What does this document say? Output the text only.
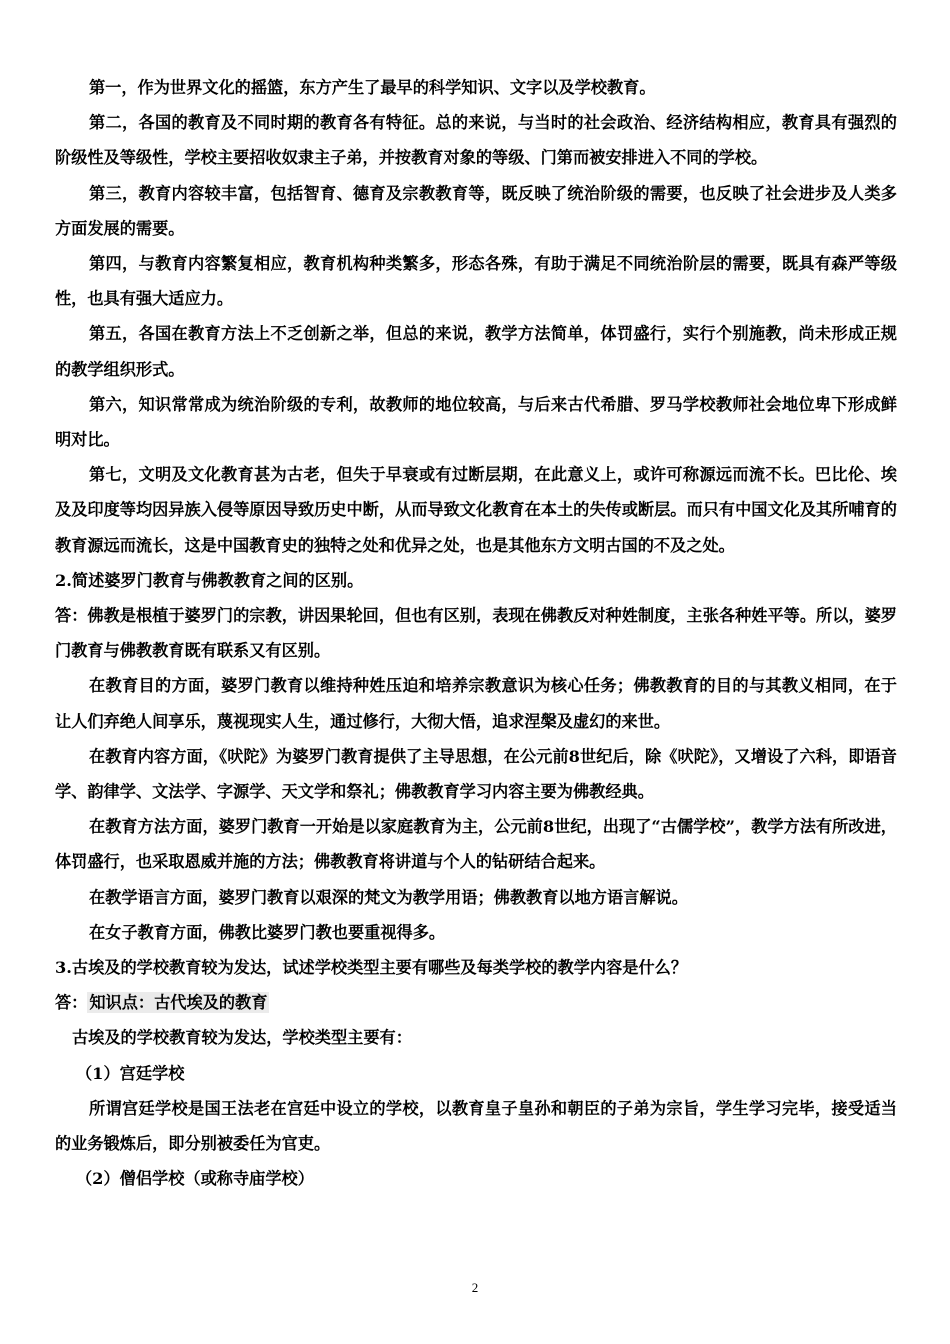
第一，作为世界文化的摇篮，东方产生了最早的科学知识、文字以及学校教育。

第二，各国的教育及不同时期的教育各有特征。总的来说，与当时的社会政治、经济结构相应，教育具有强烈的阶级性及等级性，学校主要招收奴隶主子弟，并按教育对象的等级、门第而被安排进入不同的学校。

第三，教育内容较丰富，包括智育、德育及宗教教育等，既反映了统治阶级的需要，也反映了社会进步及人类多方面发展的需要。

第四，与教育内容繁复相应，教育机构种类繁多，形态各殊，有助于满足不同统治阶层的需要，既具有森严等级性，也具有强大适应力。

第五，各国在教育方法上不乏创新之举，但总的来说，教学方法简单，体罚盛行，实行个别施教，尚未形成正规的教学组织形式。

第六，知识常常成为统治阶级的专利，故教师的地位较高，与后来古代希腊、罗马学校教师社会地位卑下形成鲜明对比。

第七，文明及文化教育甚为古老，但失于早衰或有过断层期，在此意义上，或许可称源远而流不长。巴比伦、埃及及印度等均因异族入侵等原因导致历史中断，从而导致文化教育在本土的失传或断层。而只有中国文化及其所哺育的教育源远而流长，这是中国教育史的独特之处和优异之处，也是其他东方文明古国的不及之处。

2.简述婆罗门教育与佛教教育之间的区别。

答：佛教是根植于婆罗门的宗教，讲因果轮回，但也有区别，表现在佛教反对种姓制度，主张各种姓平等。所以，婆罗门教育与佛教教育既有联系又有区别。

在教育目的方面，婆罗门教育以维持种姓压迫和培养宗教意识为核心任务；佛教教育的目的与其教义相同，在于让人们弃绝人间享乐，蔑视现实人生，通过修行，大彻大悟，追求涅槃及虚幻的来世。

在教育内容方面，《吠陀》为婆罗门教育提供了主导思想，在公元前8世纪后，除《吠陀》，又增设了六科，即语音学、韵律学、文法学、字源学、天文学和祭礼；佛教教育学习内容主要为佛教经典。

在教育方法方面，婆罗门教育一开始是以家庭教育为主，公元前8世纪，出现了“古儒学校”，教学方法有所改进，体罚盛行，也采取恩威并施的方法；佛教教育将讲道与个人的钻研结合起来。

在教学语言方面，婆罗门教育以艰深的梵文为教学用语；佛教教育以地方语言解说。

在女子教育方面，佛教比婆罗门教也要重视得多。

3.古埃及的学校教育较为发达，试述学校类型主要有哪些及每类学校的教学内容是什么？

答： 知识点：古代埃及的教育

古埃及的学校教育较为发达，学校类型主要有：

（1）宫廷学校

所谓宫廷学校是国王法老在宫廷中设立的学校，以教育皇子皇孙和朝臣的子弟为宗旨，学生学习完毕，接受适当的业务锻炼后，即分别被委任为官吏。

（2）僧侣学校（或称寺庙学校）

2
